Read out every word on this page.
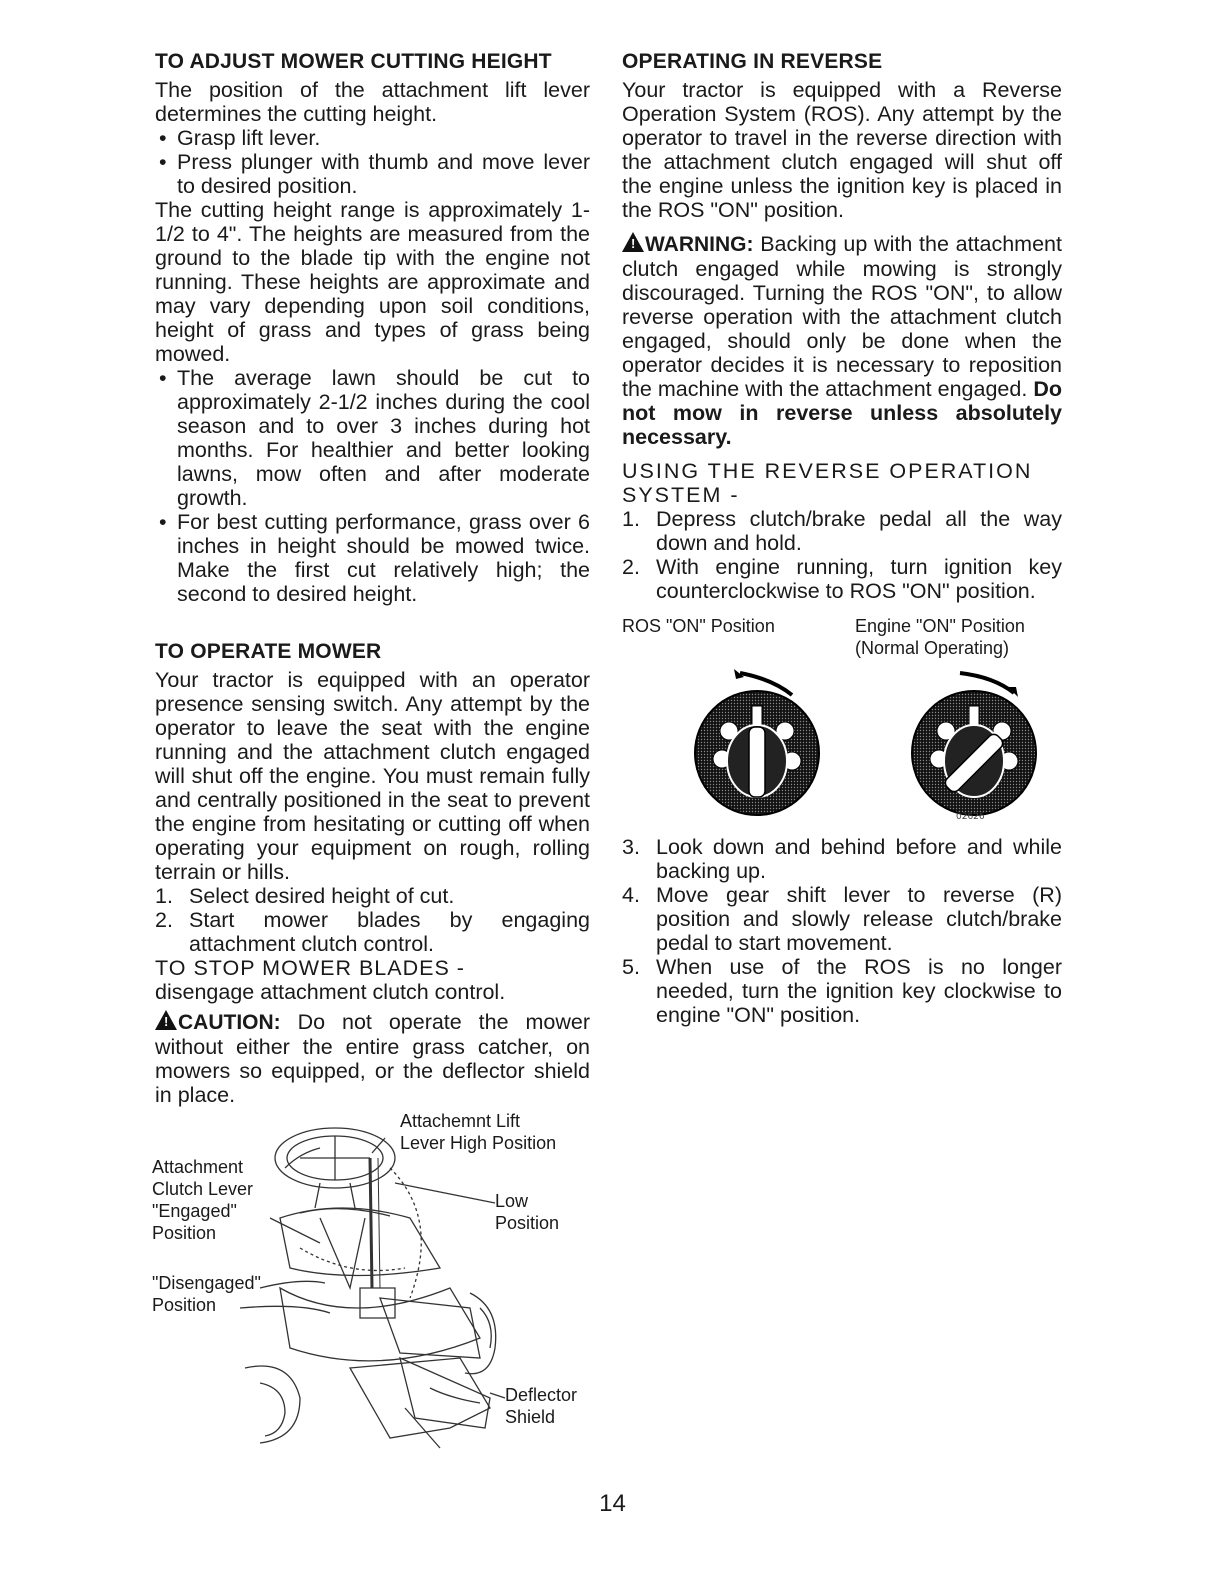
TO ADJUST MOWER CUTTING HEIGHT

The position of the attachment lift lever determines the cutting height.

• Grasp lift lever.
• Press plunger with thumb and move lever to desired position.

The cutting height range is approximately 1-1/2 to 4". The heights are measured from the ground to the blade tip with the engine not running. These heights are approximate and may vary depending upon soil conditions, height of grass and types of grass being mowed.

• The average lawn should be cut to approximately 2-1/2 inches during the cool season and to over 3 inches during hot months. For healthier and better looking lawns, mow often and after moderate growth.
• For best cutting performance, grass over 6 inches in height should be mowed twice. Make the first cut relatively high; the second to desired height.
TO OPERATE MOWER

Your tractor is equipped with an operator presence sensing switch. Any attempt by the operator to leave the seat with the engine running and the attachment clutch engaged will shut off the engine. You must remain fully and centrally positioned in the seat to prevent the engine from hesitating or cutting off when operating your equipment on rough, rolling terrain or hills.

1. Select desired height of cut.
2. Start mower blades by engaging attachment clutch control.

TO STOP MOWER BLADES -

disengage attachment clutch control.

!CAUTION: Do not operate the mower without either the entire grass catcher, on mowers so equipped, or the deflector shield in place.

Attachemnt Lift
Lever High Position
Attachment
Clutch Lever
"Engaged"
Position
Low
Position
"Disengaged"
Position
Deflector
Shield
OPERATING IN REVERSE

Your tractor is equipped with a Reverse Operation System (ROS). Any attempt by the operator to travel in the reverse direction with the attachment clutch engaged will shut off the engine unless the ignition key is placed in the ROS "ON" position.

!WARNING: Backing up with the attachment clutch engaged while mowing is strongly discouraged. Turning the ROS "ON", to allow reverse operation with the attachment clutch engaged, should only be done when the operator decides it is necessary to reposition the machine with the attachment engaged. Do not mow in reverse unless absolutely necessary.

USING THE REVERSE OPERATION SYSTEM -

1. Depress clutch/brake pedal all the way down and hold.
2. With engine running, turn ignition key counterclockwise to ROS "ON" position.
ROS "ON" Position	Engine "ON" Position
(Normal Operating)
02626
3. Look down and behind before and while backing up.
4. Move gear shift lever to reverse (R) position and slowly release clutch/brake pedal to start movement.
5. When use of the ROS is no longer needed, turn the ignition key clockwise to engine "ON" position.
14
